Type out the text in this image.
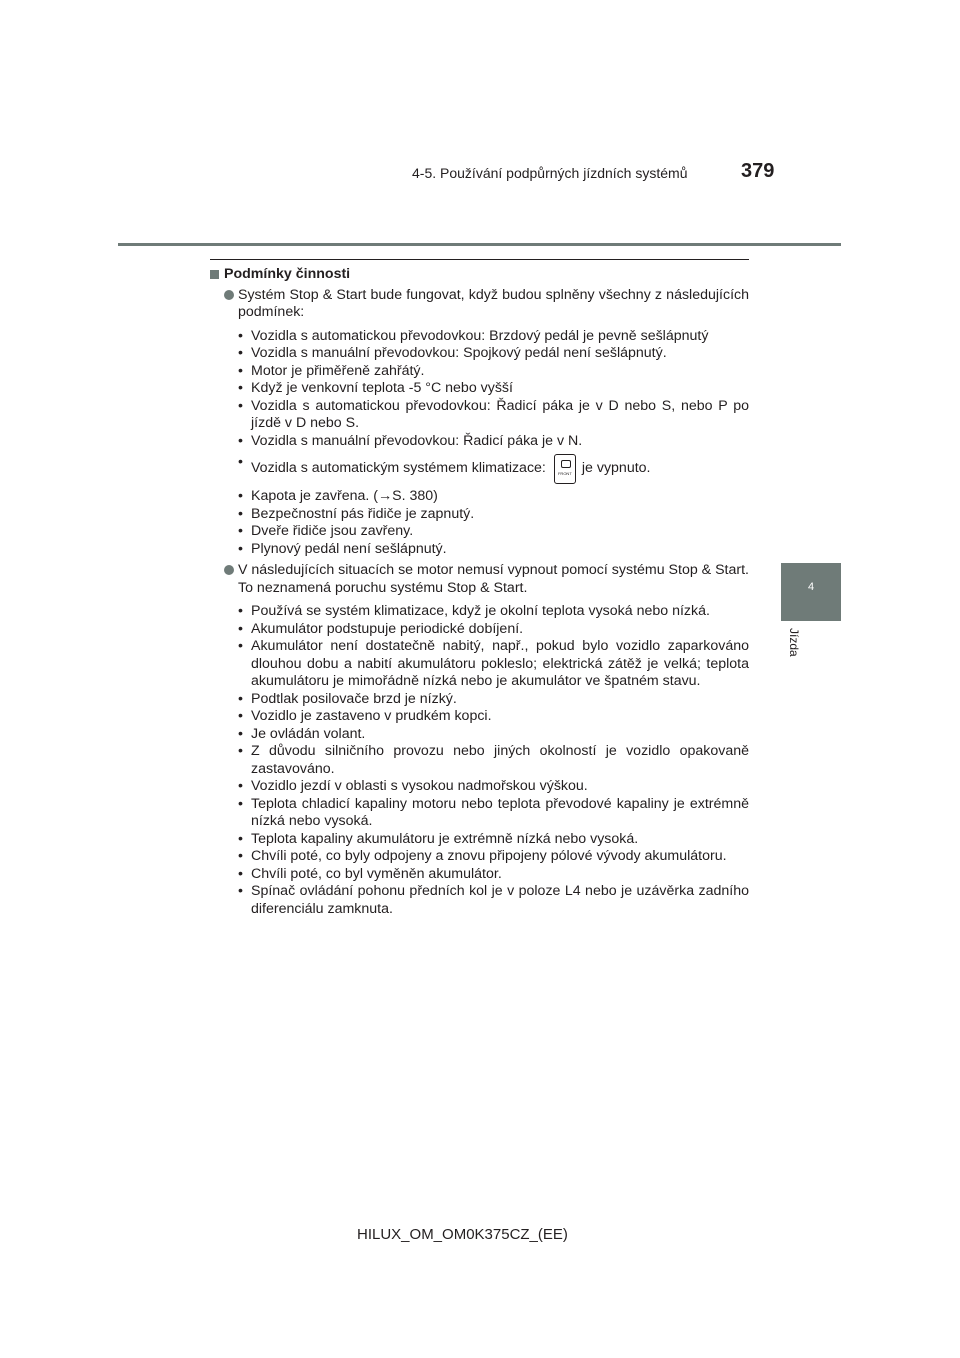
4-5. Používání podpůrných jízdních systémů	379
4
Jízda
Podmínky činnosti
Systém Stop & Start bude fungovat, když budou splněny všechny z následujících podmínek:
• Vozidla s automatickou převodovkou: Brzdový pedál je pevně sešlápnutý
• Vozidla s manuální převodovkou: Spojkový pedál není sešlápnutý.
• Motor je přiměřeně zahřátý.
• Když je venkovní teplota -5 °C nebo vyšší
• Vozidla s automatickou převodovkou: Řadicí páka je v D nebo S, nebo P po jízdě v D nebo S.
• Vozidla s manuální převodovkou: Řadicí páka je v N.
• Vozidla s automatickým systémem klimatizace:	FRONT je vypnuto.
• Kapota je zavřena. (→S. 380)
• Bezpečnostní pás řidiče je zapnutý.
• Dveře řidiče jsou zavřeny.
• Plynový pedál není sešlápnutý.
V následujících situacích se motor nemusí vypnout pomocí systému Stop & Start. To neznamená poruchu systému Stop & Start.
• Používá se systém klimatizace, když je okolní teplota vysoká nebo nízká.
• Akumulátor podstupuje periodické dobíjení.
• Akumulátor není dostatečně nabitý, např., pokud bylo vozidlo zaparkováno dlouhou dobu a nabití akumulátoru pokleslo; elektrická zátěž je velká; teplota akumulátoru je mimořádně nízká nebo je akumulátor ve špatném stavu.
• Podtlak posilovače brzd je nízký.
• Vozidlo je zastaveno v prudkém kopci.
• Je ovládán volant.
• Z důvodu silničního provozu nebo jiných okolností je vozidlo opakovaně zastavováno.
• Vozidlo jezdí v oblasti s vysokou nadmořskou výškou.
• Teplota chladicí kapaliny motoru nebo teplota převodové kapaliny je extrémně nízká nebo vysoká.
• Teplota kapaliny akumulátoru je extrémně nízká nebo vysoká.
• Chvíli poté, co byly odpojeny a znovu připojeny pólové vývody akumulátoru.
• Chvíli poté, co byl vyměněn akumulátor.
• Spínač ovládání pohonu předních kol je v poloze L4 nebo je uzávěrka zadního diferenciálu zamknuta.
HILUX_OM_OM0K375CZ_(EE)
